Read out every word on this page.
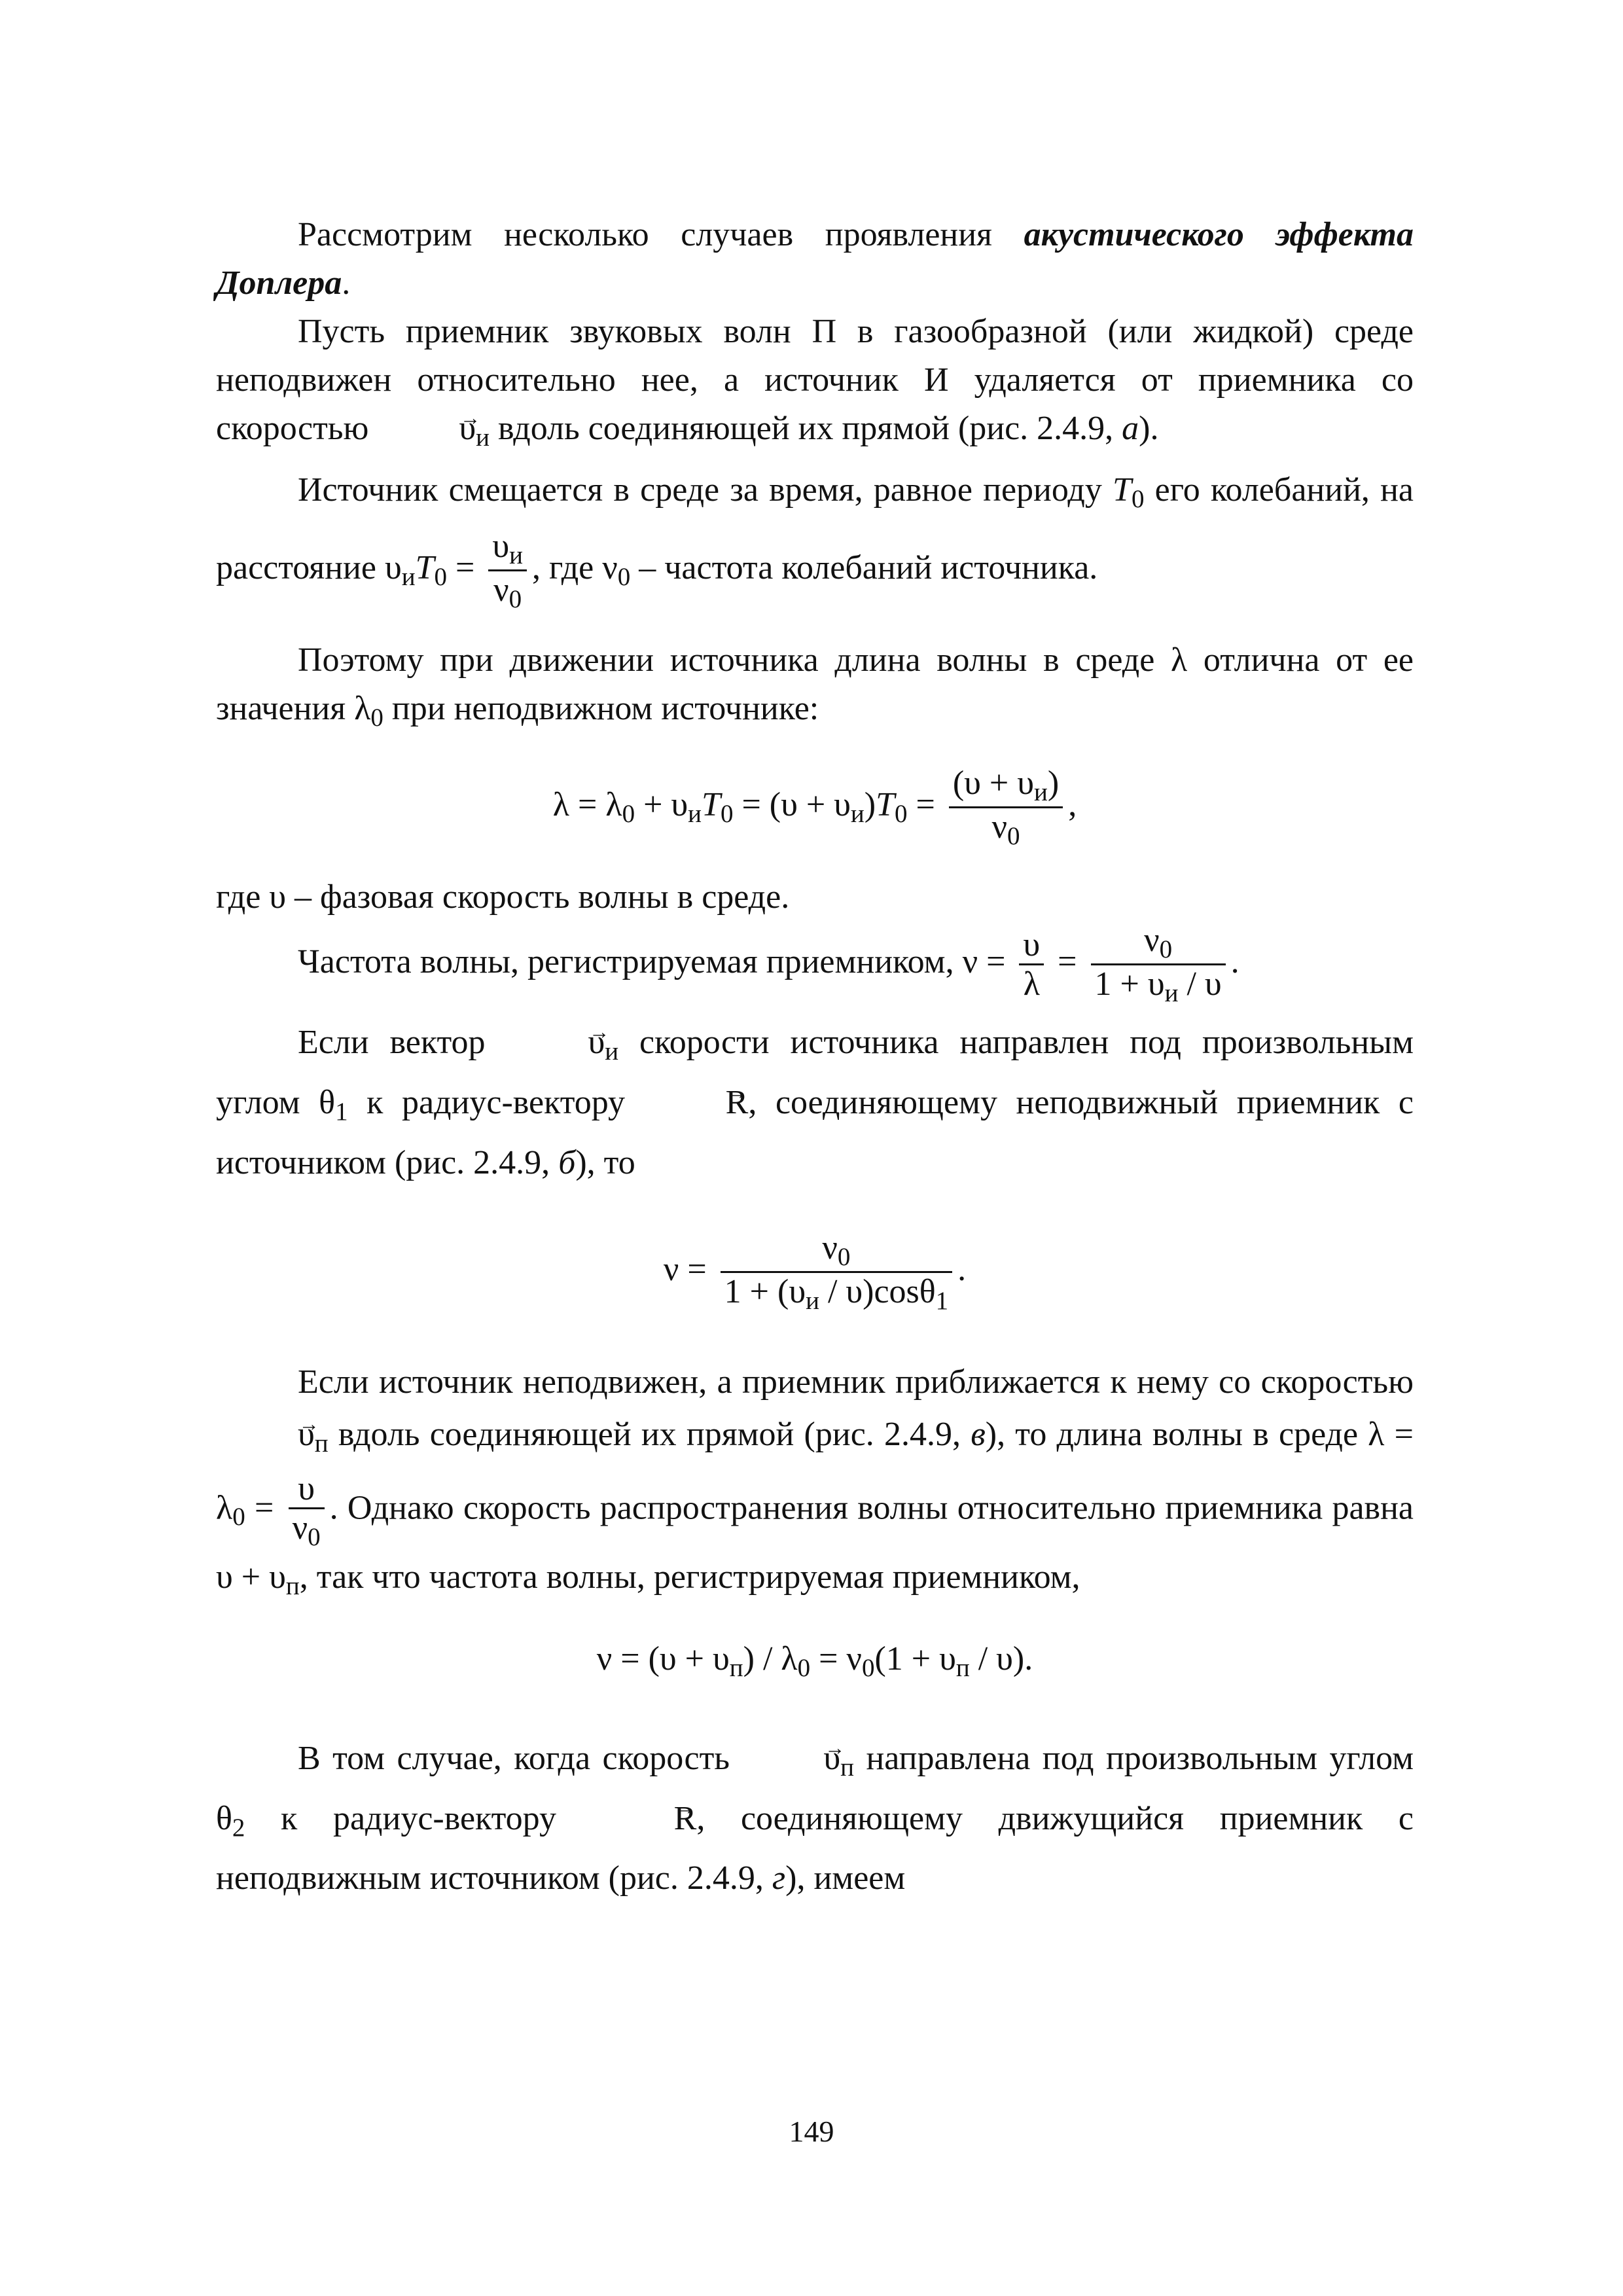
Рассмотрим несколько случаев проявления акустического эффекта Доплера.

Пусть приемник звуковых волн П в газообразной (или жидкой) среде неподвижен относительно нее, а источник И удаляется от приемника со скоростью → $\upsilon_и$ вдоль соединяющей их прямой (рис. 2.4.9, а).

Источник смещается в среде за время, равное периоду $T_0$ его колебаний, на расстояние $\upsilon_иT_0 = \frac{\upsilon_и}{\nu_0}$ , где $\nu_0$ – частота колебаний источника.

Поэтому при движении источника длина волны в среде λ отлична от ее значения $\lambda_0$ при неподвижном источнике:

$\lambda = \lambda_0 + \upsilon_иT_0 = (\upsilon + \upsilon_и)T_0 = \frac{(\upsilon + \upsilon_и)}{\nu_0}$ ,

где υ – фазовая скорость волны в среде.

Частота волны, регистрируемая приемником, $\nu = \frac{\upsilon}{\lambda} = \frac{\nu_0}{1 + \upsilon_и / \upsilon}$ .

Если вектор → $\upsilon_и$ скорости источника направлен под произвольным углом $\theta_1$ к радиус-вектору → R, соединяющему неподвижный приемник с источником (рис. 2.4.9, б), то

$\nu = \frac{\nu_0}{1 + (\upsilon_и / \upsilon)\cos\theta_1}$ .

Если источник неподвижен, а приемник приближается к нему со скоростью → $\upsilon_п$ вдоль соединяющей их прямой (рис. 2.4.9, в), то длина волны в среде $\lambda = \lambda_0 = \frac{\upsilon}{\nu_0}$ . Однако скорость распространения волны относительно приемника равна $\upsilon + \upsilon_п$, так что частота волны, регистрируемая приемником,

$\nu = (\upsilon + \upsilon_п) / \lambda_0 = \nu_0(1 + \upsilon_п / \upsilon)$.

В том случае, когда скорость → $\upsilon_п$ направлена под произвольным углом $\theta_2$ к радиус-вектору → R, соединяющему движущийся приемник с неподвижным источником (рис. 2.4.9, г), имеем

149
